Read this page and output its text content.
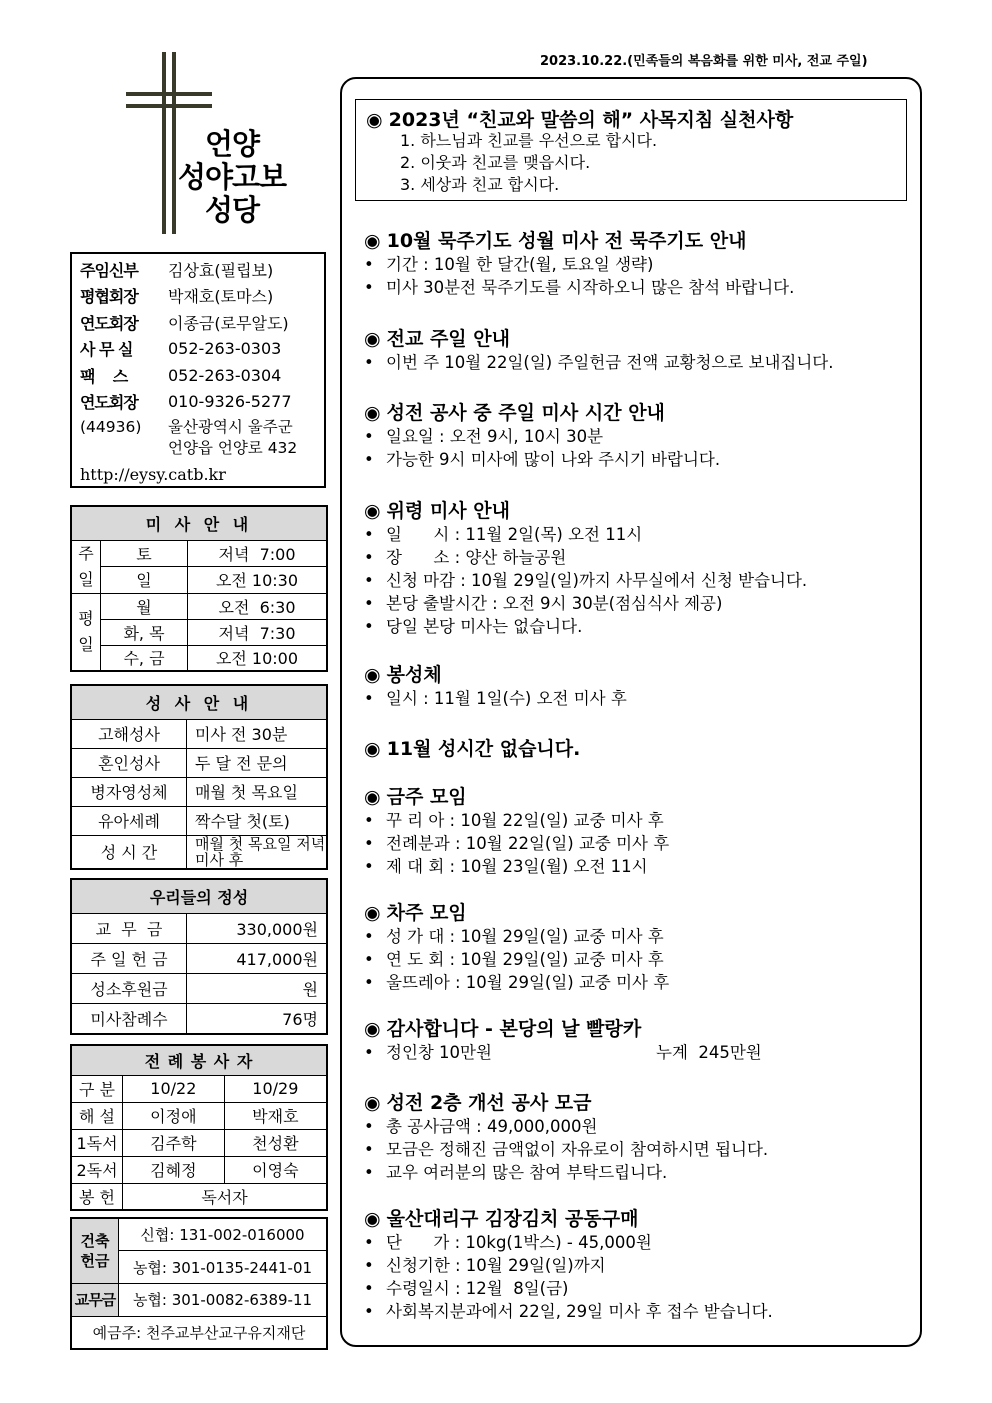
2023.10.22.(민족들의 복음화를 위한 미사, 전교 주일)
언양
성야고보
성당
주임신부	김상효(필립보)
평협회장	박재호(토마스)
연도회장	이종금(로무알도)
사 무 실	052-263-0303
팩    스	052-263-0304
연도회장	010-9326-5277
(44936)	울산광역시 울주군
언양읍 언양로 432
http://eysy.catb.kr
미 사 안 내		
주일	토	저녁  7:00
	일	오전 10:30
평일	월	오전  6:30
	화, 목	저녁  7:30
	수, 금	오전 10:00
성 사 안 내	
고해성사	미사 전 30분
혼인성사	두 달 전 문의
병자영성체	매월 첫 목요일
유아세례	짝수달 첫(토)
성 시 간	매월 첫 목요일 저녁미사 후
우리들의 정성	
교  무  금	330,000원
주 일 헌 금	417,000원
성소후원금	원
미사참례수	76명
전 례 봉 사 자		
구 분	10/22	10/29
해 설	이정애	박재호
1독서	김주학	천성환
2독서	김혜정	이영숙
봉 헌	독서자	
건축헌금	신협: 131-002-016000
	농협: 301-0135-2441-01
교무금	농협: 301-0082-6389-11
예금주: 천주교부산교구유지재단	
◉ 2023년 “친교와 말씀의 해” 사목지침 실천사항
1. 하느님과 친교를 우선으로 합시다.
2. 이웃과 친교를 맺읍시다.
3. 세상과 친교 합시다.
◉ 10월 묵주기도 성월 미사 전 묵주기도 안내
• 기간 : 10월 한 달간(월, 토요일 생략)
• 미사 30분전 묵주기도를 시작하오니 많은 참석 바랍니다.
◉ 전교 주일 안내
• 이번 주 10월 22일(일) 주일헌금 전액 교황청으로 보내집니다.
◉ 성전 공사 중 주일 미사 시간 안내
• 일요일 : 오전 9시, 10시 30분
• 가능한 9시 미사에 많이 나와 주시기 바랍니다.
◉ 위령 미사 안내
• 일      시 : 11월 2일(목) 오전 11시
• 장      소 : 양산 하늘공원
• 신청 마감 : 10월 29일(일)까지 사무실에서 신청 받습니다.
• 본당 출발시간 : 오전 9시 30분(점심식사 제공)
• 당일 본당 미사는 없습니다.
◉ 봉성체
• 일시 : 11월 1일(수) 오전 미사 후
◉ 11월 성시간 없습니다.
◉ 금주 모임
• 꾸 리 아 : 10월 22일(일) 교중 미사 후
• 전례분과 : 10월 22일(일) 교중 미사 후
• 제 대 회 : 10월 23일(월) 오전 11시
◉ 차주 모임
• 성 가 대 : 10월 29일(일) 교중 미사 후
• 연 도 회 : 10월 29일(일) 교중 미사 후
• 울뜨레아 : 10월 29일(일) 교중 미사 후
◉ 감사합니다 - 본당의 날 빨랑카
• 정인창 10만원	누계  245만원
◉ 성전 2층 개선 공사 모금
• 총 공사금액 : 49,000,000원
• 모금은 정해진 금액없이 자유로이 참여하시면 됩니다.
• 교우 여러분의 많은 참여 부탁드립니다.
◉ 울산대리구 김장김치 공동구매
• 단      가 : 10kg(1박스) - 45,000원
• 신청기한 : 10월 29일(일)까지
• 수령일시 : 12월  8일(금)
• 사회복지분과에서 22일, 29일 미사 후 접수 받습니다.
